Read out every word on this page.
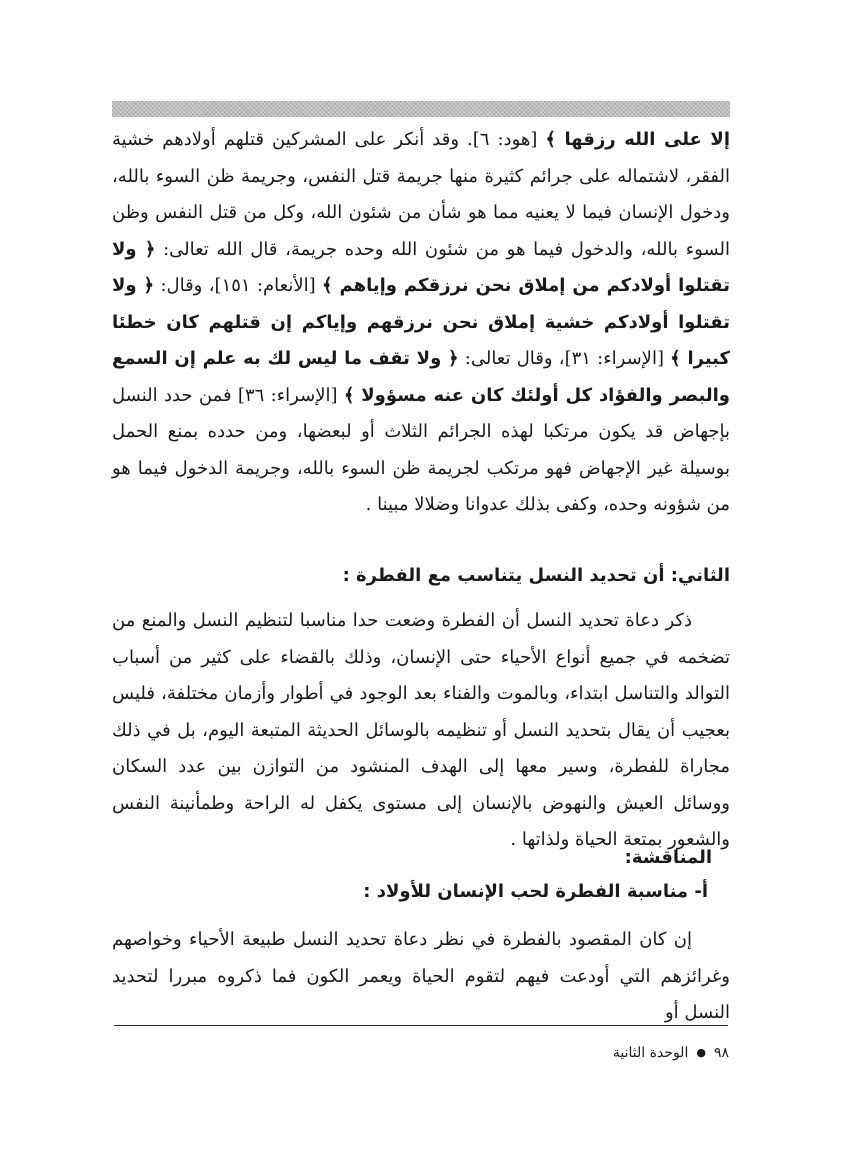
إلا على الله رزقها ﴾ [هود: ٦]. وقد أنكر على المشركين قتلهم أولادهم خشية الفقر، لاشتماله على جرائم كثيرة منها جريمة قتل النفس، وجريمة ظن السوء بالله، ودخول الإنسان فيما لا يعنيه مما هو شأن من شئون الله، وكل من قتل النفس وظن السوء بالله، والدخول فيما هو من شئون الله وحده جريمة، قال الله تعالى: ﴿ ولا تقتلوا أولادكم من إملاق نحن نرزقكم وإياهم ﴾ [الأنعام: ١٥١]، وقال: ﴿ ولا تقتلوا أولادكم خشية إملاق نحن نرزقهم وإياكم إن قتلهم كان خطئا كبيرا ﴾ [الإسراء: ٣١]، وقال تعالى: ﴿ ولا تقف ما ليس لك به علم إن السمع والبصر والفؤاد كل أولئك كان عنه مسؤولا ﴾ [الإسراء: ٣٦] فمن حدد النسل بإجهاض قد يكون مرتكبا لهذه الجرائم الثلاث أو لبعضها، ومن حدده بمنع الحمل بوسيلة غير الإجهاض فهو مرتكب لجريمة ظن السوء بالله، وجريمة الدخول فيما هو من شؤونه وحده، وكفى بذلك عدوانا وضلالا مبينا .

الثاني: أن تحديد النسل يتناسب مع الفطرة :

ذكر دعاة تحديد النسل أن الفطرة وضعت حدا مناسبا لتنظيم النسل والمنع من تضخمه في جميع أنواع الأحياء حتى الإنسان، وذلك بالقضاء على كثير من أسباب التوالد والتناسل ابتداء، وبالموت والفناء بعد الوجود في أطوار وأزمان مختلفة، فليس بعجيب أن يقال بتحديد النسل أو تنظيمه بالوسائل الحديثة المتبعة اليوم، بل في ذلك مجاراة للفطرة، وسير معها إلى الهدف المنشود من التوازن بين عدد السكان ووسائل العيش والنهوض بالإنسان إلى مستوى يكفل له الراحة وطمأنينة النفس والشعور بمتعة الحياة ولذاتها .

المناقشة:
أ- مناسبة الفطرة لحب الإنسان للأولاد :

إن كان المقصود بالفطرة في نظر دعاة تحديد النسل طبيعة الأحياء وخواصهم وغرائزهم التي أودعت فيهم لتقوم الحياة ويعمر الكون فما ذكروه مبررا لتحديد النسل أو

٩٨
●
الوحدة الثانية
